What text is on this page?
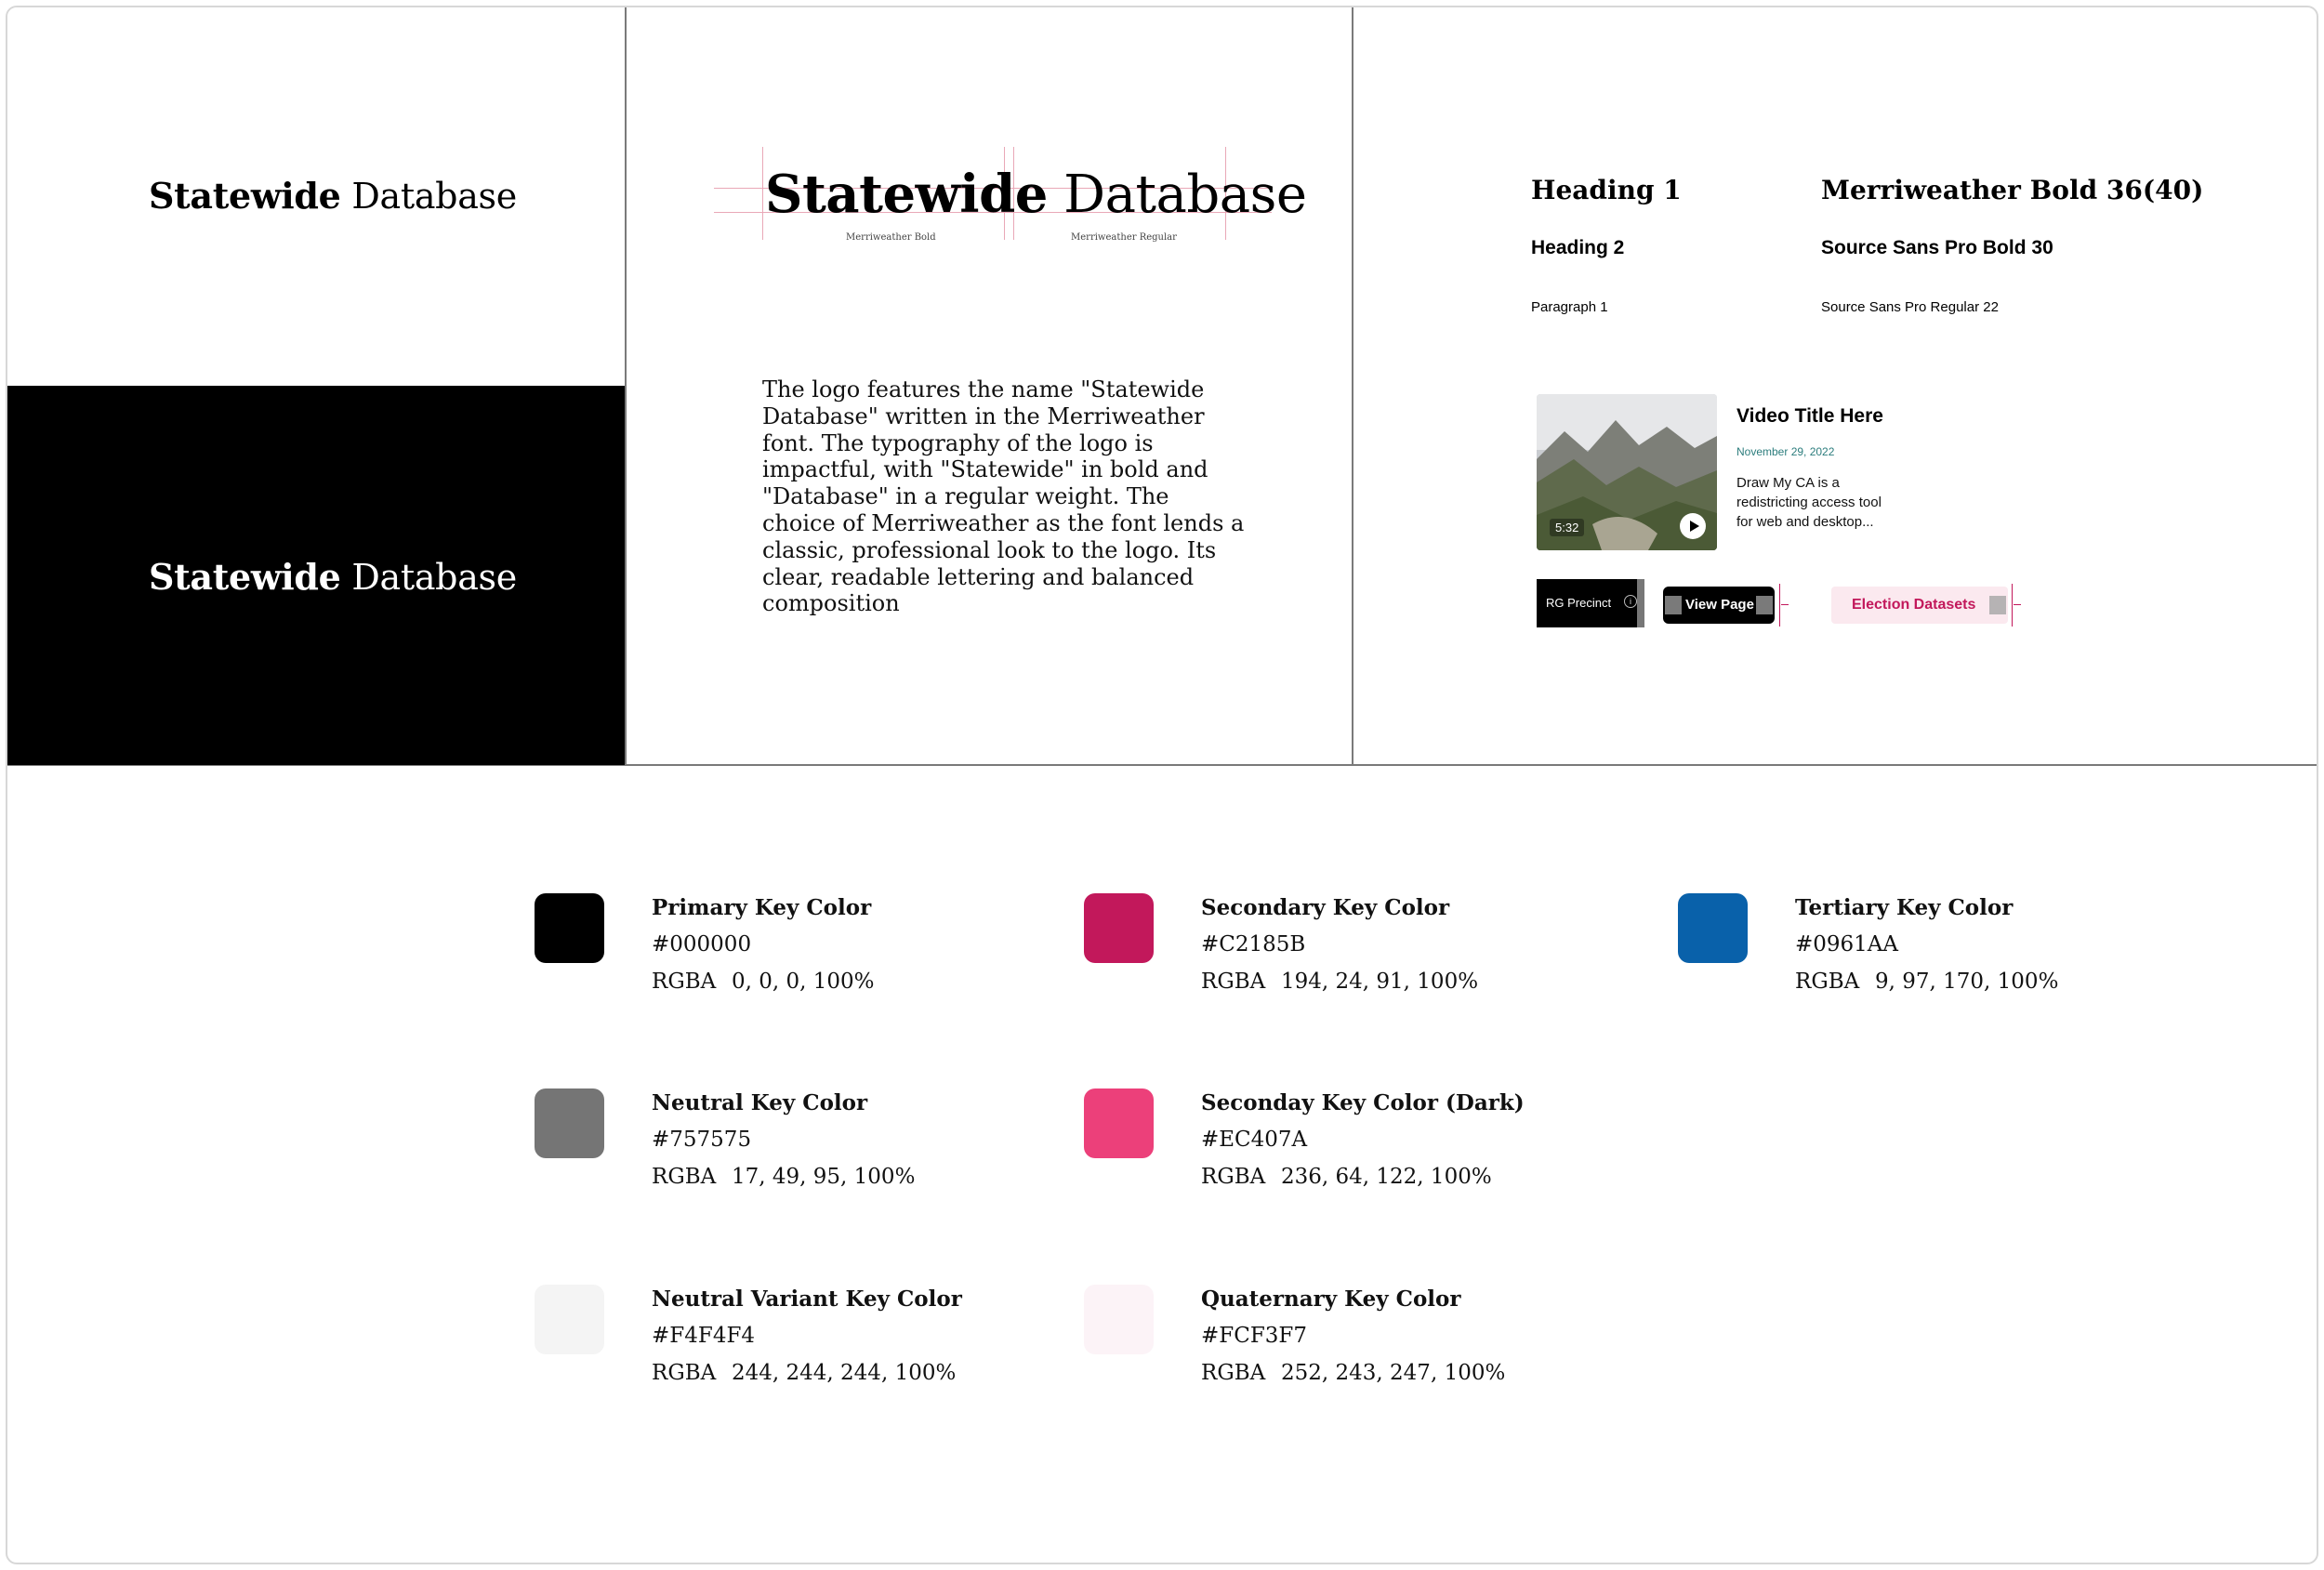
Statewide Database
Statewide Database
Statewide Database
Merriweather Bold	Merriweather Regular
The logo features the name "Statewide Database" written in the Merriweather font. The typography of the logo is impactful, with "Statewide" in bold and "Database" in a regular weight. The choice of Merriweather as the font lends a classic, professional look to the logo. Its clear, readable lettering and balanced composition
Heading 1	Merriweather Bold 36(40)
Heading 2	Source Sans Pro Bold 30
Paragraph 1	Source Sans Pro Regular 22
5:32
Video Title Here
November 29, 2022
Draw My CA is a redistricting access tool for web and desktop...
RG Precinct	i	View Page	Election Datasets
Primary Key Color
#000000
RGBA 0, 0, 0, 100%
Secondary Key Color
#C2185B
RGBA 194, 24, 91, 100%
Tertiary Key Color
#0961AA
RGBA 9, 97, 170, 100%
Neutral Key Color
#757575
RGBA 17, 49, 95, 100%
Seconday Key Color (Dark)
#EC407A
RGBA 236, 64, 122, 100%
Neutral Variant Key Color
#F4F4F4
RGBA 244, 244, 244, 100%
Quaternary Key Color
#FCF3F7
RGBA 252, 243, 247, 100%
